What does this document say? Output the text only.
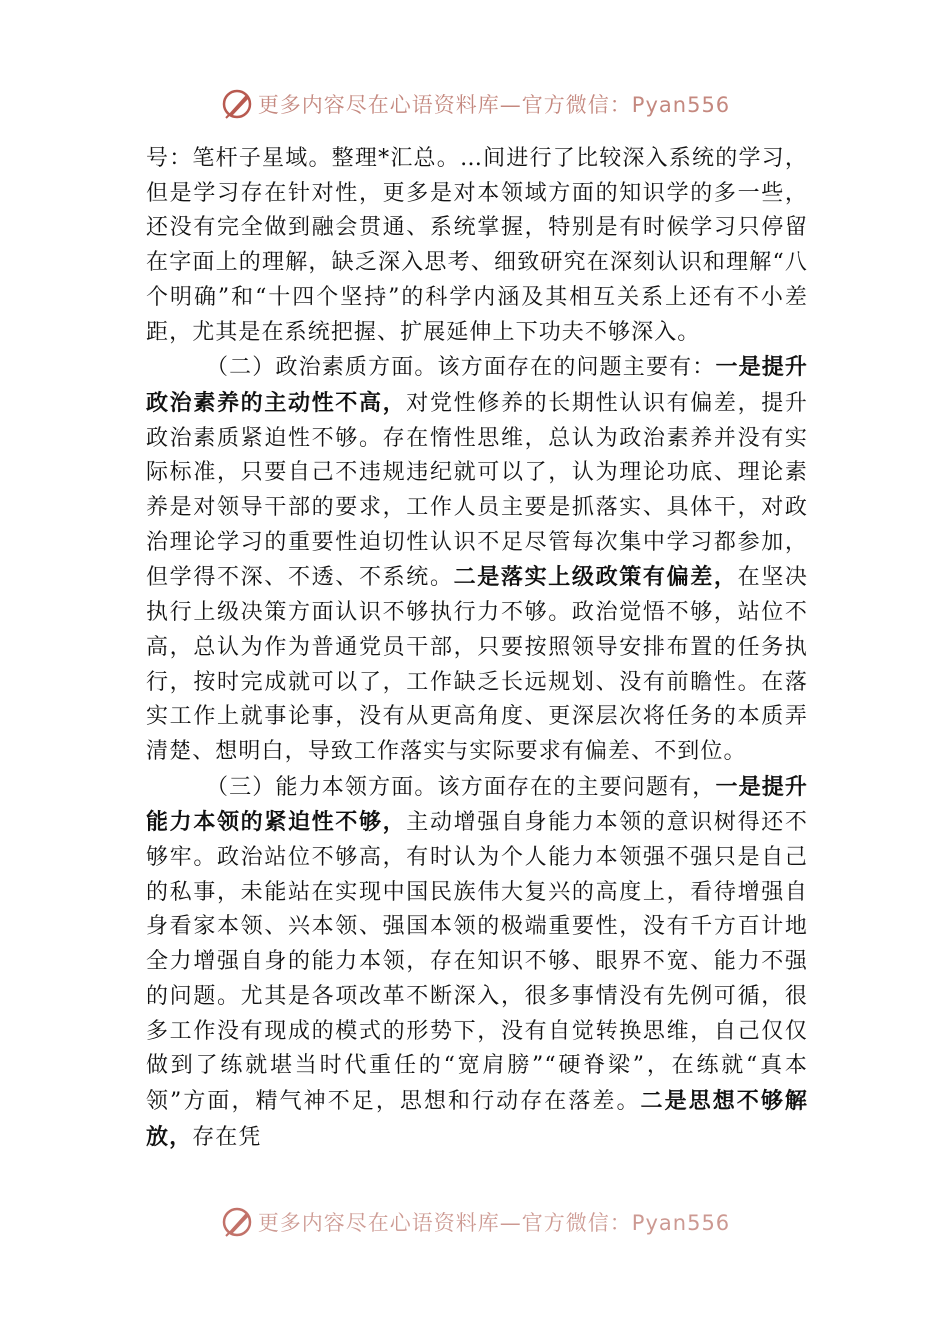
更多内容尽在心语资料库—官方微信：Pyan556

号：笔杆子星域。整理*汇总。…间进行了比较深入系统的学习，但是学习存在针对性，更多是对本领域方面的知识学的多一些，还没有完全做到融会贯通、系统掌握，特别是有时候学习只停留在字面上的理解，缺乏深入思考、细致研究在深刻认识和理解“八个明确”和“十四个坚持”的科学内涵及其相互关系上还有不小差距，尤其是在系统把握、扩展延伸上下功夫不够深入。

（二）政治素质方面。该方面存在的问题主要有：一是提升政治素养的主动性不高，对党性修养的长期性认识有偏差，提升政治素质紧迫性不够。存在惰性思维，总认为政治素养并没有实际标准，只要自己不违规违纪就可以了，认为理论功底、理论素养是对领导干部的要求，工作人员主要是抓落实、具体干，对政治理论学习的重要性迫切性认识不足尽管每次集中学习都参加，但学得不深、不透、不系统。二是落实上级政策有偏差，在坚决执行上级决策方面认识不够执行力不够。政治觉悟不够，站位不高，总认为作为普通党员干部，只要按照领导安排布置的任务执行，按时完成就可以了，工作缺乏长远规划、没有前瞻性。在落实工作上就事论事，没有从更高角度、更深层次将任务的本质弄清楚、想明白，导致工作落实与实际要求有偏差、不到位。

（三）能力本领方面。该方面存在的主要问题有，一是提升能力本领的紧迫性不够，主动增强自身能力本领的意识树得还不够牢。政治站位不够高，有时认为个人能力本领强不强只是自己的私事，未能站在实现中国民族伟大复兴的高度上，看待增强自身看家本领、兴本领、强国本领的极端重要性，没有千方百计地全力增强自身的能力本领，存在知识不够、眼界不宽、能力不强的问题。尤其是各项改革不断深入，很多事情没有先例可循，很多工作没有现成的模式的形势下，没有自觉转换思维，自己仅仅做到了练就堪当时代重任的“宽肩膀”“硬脊梁”，在练就“真本领”方面，精气神不足，思想和行动存在落差。二是思想不够解放，存在凭

更多内容尽在心语资料库—官方微信：Pyan556
